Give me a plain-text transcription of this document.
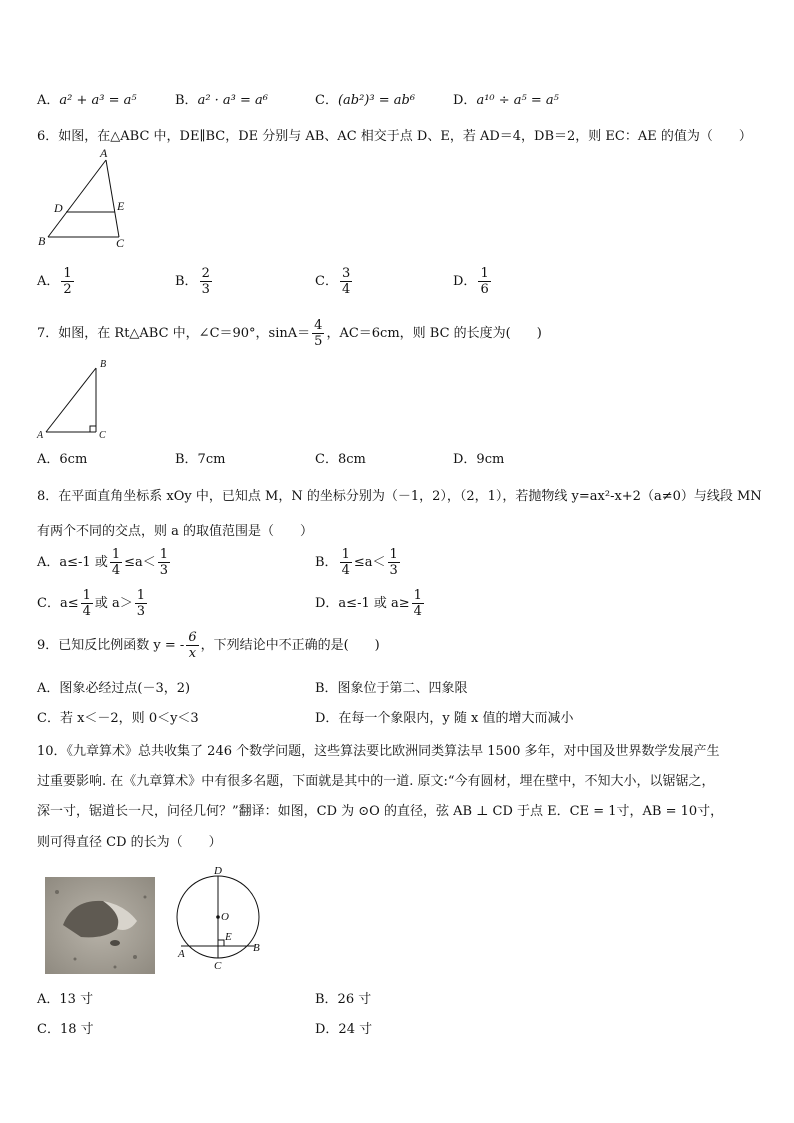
A．a² + a³ = a⁵	B．a² · a³ = a⁶	C．(ab²)³ = ab⁶	D．a¹⁰ ÷ a⁵ = a⁵
6．如图，在△ABC 中，DE∥BC，DE 分别与 AB、AC 相交于点 D、E，若 AD＝4，DB＝2，则 EC：AE 的值为（　　）
A
D	E
B	C
A． $\frac{1}{2}$	B． $\frac{2}{3}$	C． $\frac{3}{4}$	D． $\frac{1}{6}$
7．如图，在 Rt△ABC 中，∠C＝90°，$\sin A= \frac{4}{5}$ ，AC＝6cm，则 BC 的长度为(　　)
B
A	C
A．6cm	B．7cm	C．8cm	D．9cm
8．在平面直角坐标系 xOy 中，已知点 M，N 的坐标分别为（－1，2），（2，1），若抛物线 y=ax²-x+2（a≠0）与线段 MN
有两个不同的交点，则 a 的取值范围是（　　）
A．a≤-1 或 $\frac{1}{4} \le a< \frac{1}{3}$	B． $\frac{1}{4} \le a< \frac{1}{3}$
C．$a\le \frac{1}{4}$ 或 $a> \frac{1}{3}$	D．a≤-1 或 $a\ge \frac{1}{4}$
9．已知反比例函数 y = - $\frac{6}{x}$ ，下列结论中不正确的是(　　)
A．图象必经过点(－3，2)	B．图象位于第二、四象限
C．若 x＜－2，则 0＜y＜3	D．在每一个象限内，y 随 x 值的增大而减小
10．《九章算术》总共收集了 246 个数学问题，这些算法要比欧洲同类算法早 1500 多年，对中国及世界数学发展产生
过重要影响. 在《九章算术》中有很多名题，下面就是其中的一道. 原文:“今有圆材，埋在壁中，不知大小，以锯锯之，
深一寸，锯道长一尺，问径几何？”翻译：如图，CD 为 ⊙O 的直径，弦 AB ⊥ CD 于点 E．CE = 1寸，AB = 10寸，
则可得直径 CD 的长为（　　）
D
O
E
A	B
C
A．13 寸	B．26 寸
C．18 寸	D．24 寸
